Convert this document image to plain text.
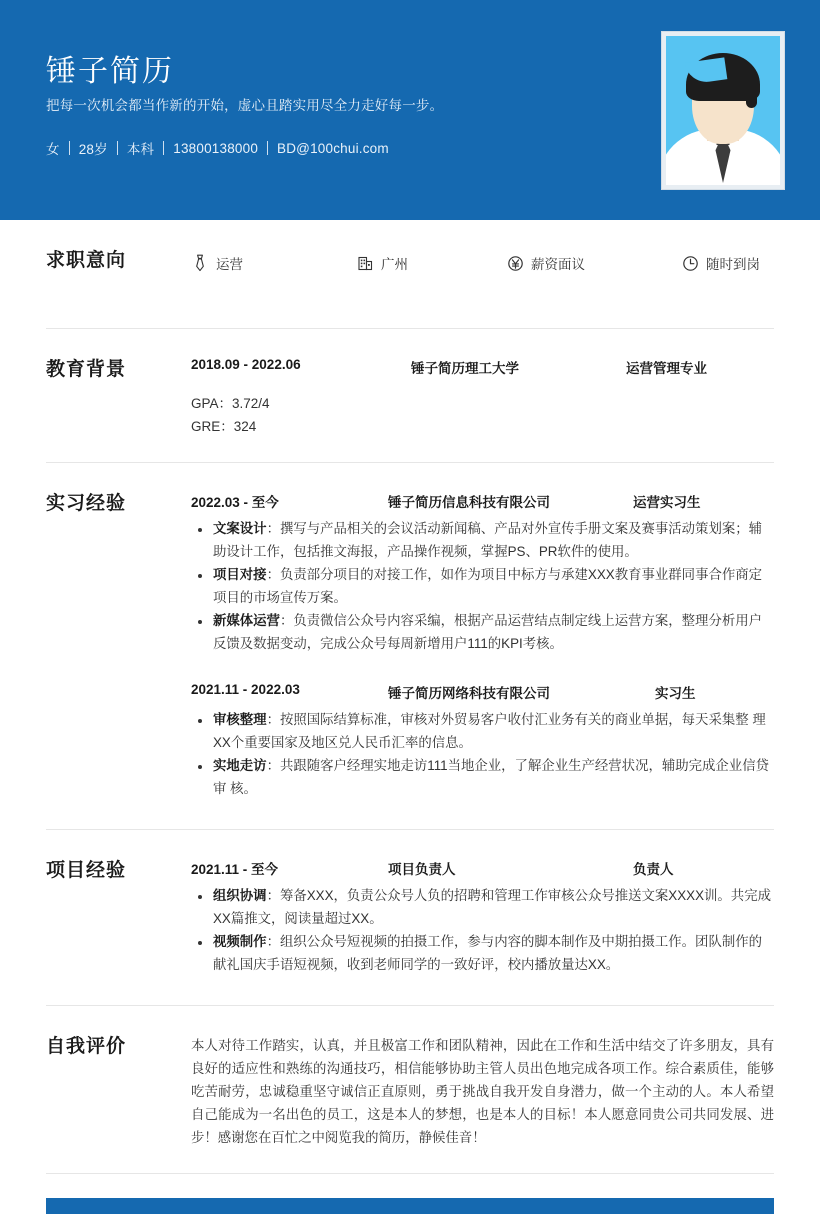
锤子简历
把每一次机会都当作新的开始，虚心且踏实用尽全力走好每一步。
女 28岁 本科 13800138000 BD@100chui.com
求职意向	运营	广州	薪资面议	随时到岗
教育背景	2018.09 - 2022.06	锤子简历理工大学	运营管理专业
GPA：3.72/4
GRE：324
实习经验	2022.03 - 至今	锤子简历信息科技有限公司	运营实习生
文案设计：撰写与产品相关的会议活动新闻稿、产品对外宣传手册文案及赛事活动策划案；辅助设计工作，包括推文海报，产品操作视频，掌握PS、PR软件的使用。
项目对接：负责部分项目的对接工作，如作为项目中标方与承建XXX教育事业群同事合作商定项目的市场宣传万案。
新媒体运营：负责微信公众号内容采编，根据产品运营结点制定线上运营方案，整理分析用户反馈及数据变动，完成公众号每周新增用户111的KPI考核。
2021.11 - 2022.03	锤子简历网络科技有限公司	实习生
审核整理：按照国际结算标准，审核对外贸易客户收付汇业务有关的商业单据，每天采集整 理XX个重要国家及地区兑人民币汇率的信息。
实地走访：共跟随客户经理实地走访111当地企业，了解企业生产经营状况，辅助完成企业信贷审 核。
项目经验	2021.11 - 至今	项目负责人	负责人
组织协调：筹备XXX，负责公众号人负的招聘和管理工作审核公众号推送文案XXXX训。共完成XX篇推文，阅读量超过XX。
视频制作：组织公众号短视频的拍摄工作，参与内容的脚本制作及中期拍摄工作。团队制作的献礼国庆手语短视频，收到老师同学的一致好评，校内播放量达XX。
自我评价	本人对待工作踏实，认真，并且极富工作和团队精神，因此在工作和生活中结交了许多朋友，具有良好的适应性和熟练的沟通技巧，相信能够协助主管人员出色地完成各项工作。综合素质佳，能够吃苦耐劳，忠诚稳重坚守诚信正直原则，勇于挑战自我开发自身潜力，做一个主动的人。本人希望自己能成为一名出色的员工，这是本人的梦想，也是本人的目标！本人愿意同贵公司共同发展、进步！感谢您在百忙之中阅览我的简历，静候佳音！
